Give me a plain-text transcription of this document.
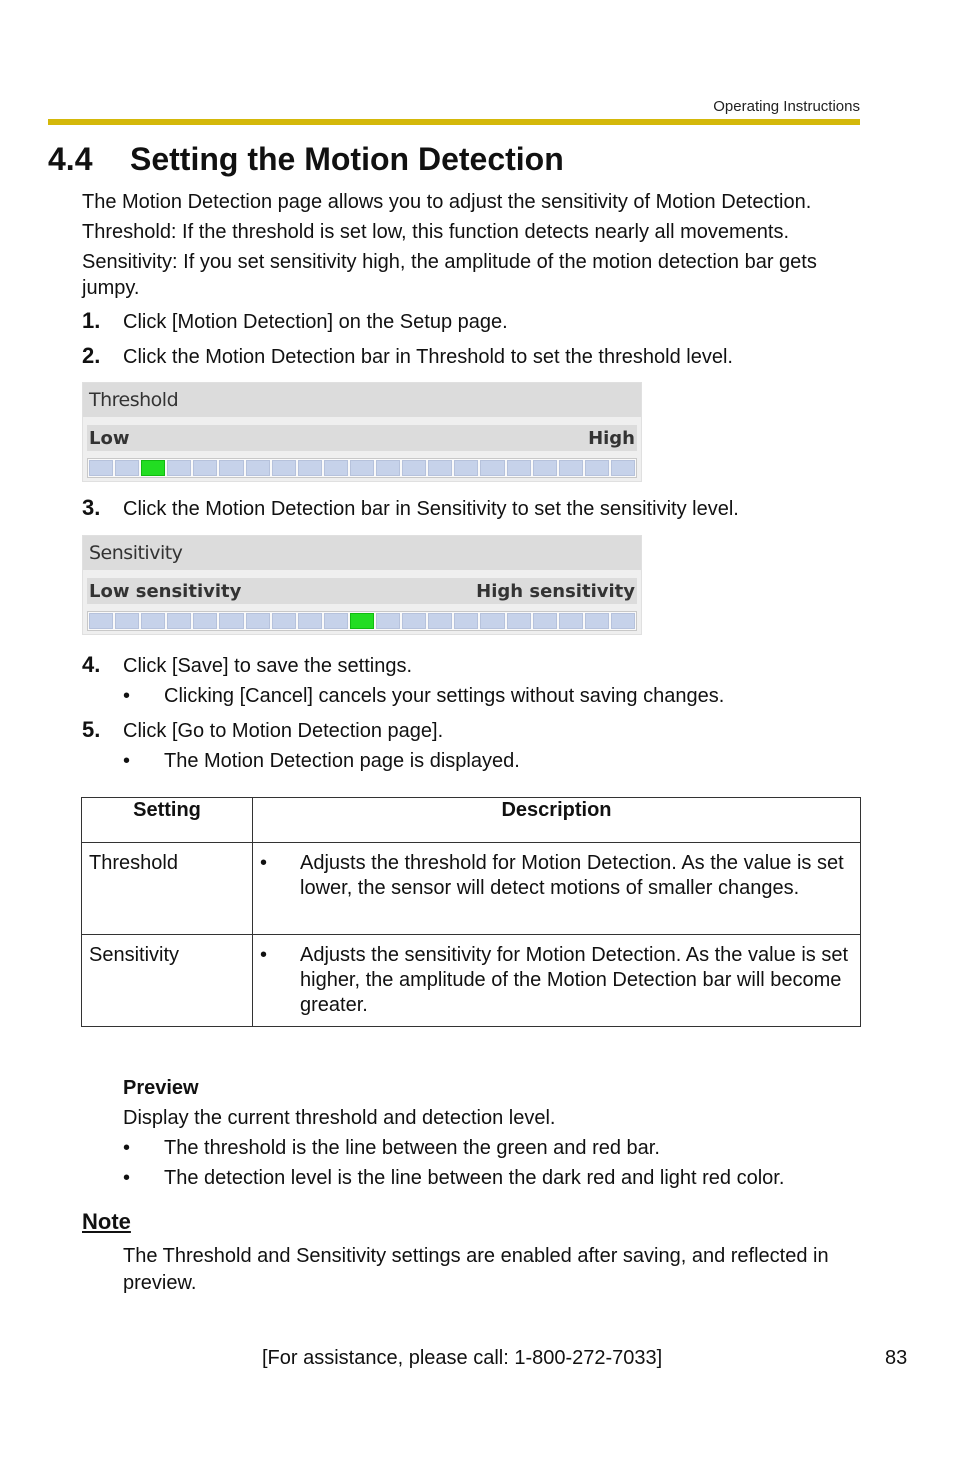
Operating Instructions
4.4 Setting the Motion Detection
The Motion Detection page allows you to adjust the sensitivity of Motion Detection.
Threshold: If the threshold is set low, this function detects nearly all movements.
Sensitivity: If you set sensitivity high, the amplitude of the motion detection bar gets jumpy.
1. Click [Motion Detection] on the Setup page.
2. Click the Motion Detection bar in Threshold to set the threshold level.
Threshold
Low	High
3. Click the Motion Detection bar in Sensitivity to set the sensitivity level.
Sensitivity
Low sensitivity	High sensitivity
4. Click [Save] to save the settings.
• Clicking [Cancel] cancels your settings without saving changes.
5. Click [Go to Motion Detection page].
• The Motion Detection page is displayed.
Setting	Description
Threshold	• Adjusts the threshold for Motion Detection. As the value is set lower, the sensor will detect motions of smaller changes.

Sensitivity	• Adjusts the sensitivity for Motion Detection. As the value is set higher, the amplitude of the Motion Detection bar will become greater.
Preview
Display the current threshold and detection level.
• The threshold is the line between the green and red bar.
• The detection level is the line between the dark red and light red color.
Note
The Threshold and Sensitivity settings are enabled after saving, and reflected in preview.
[For assistance, please call: 1-800-272-7033]	83
